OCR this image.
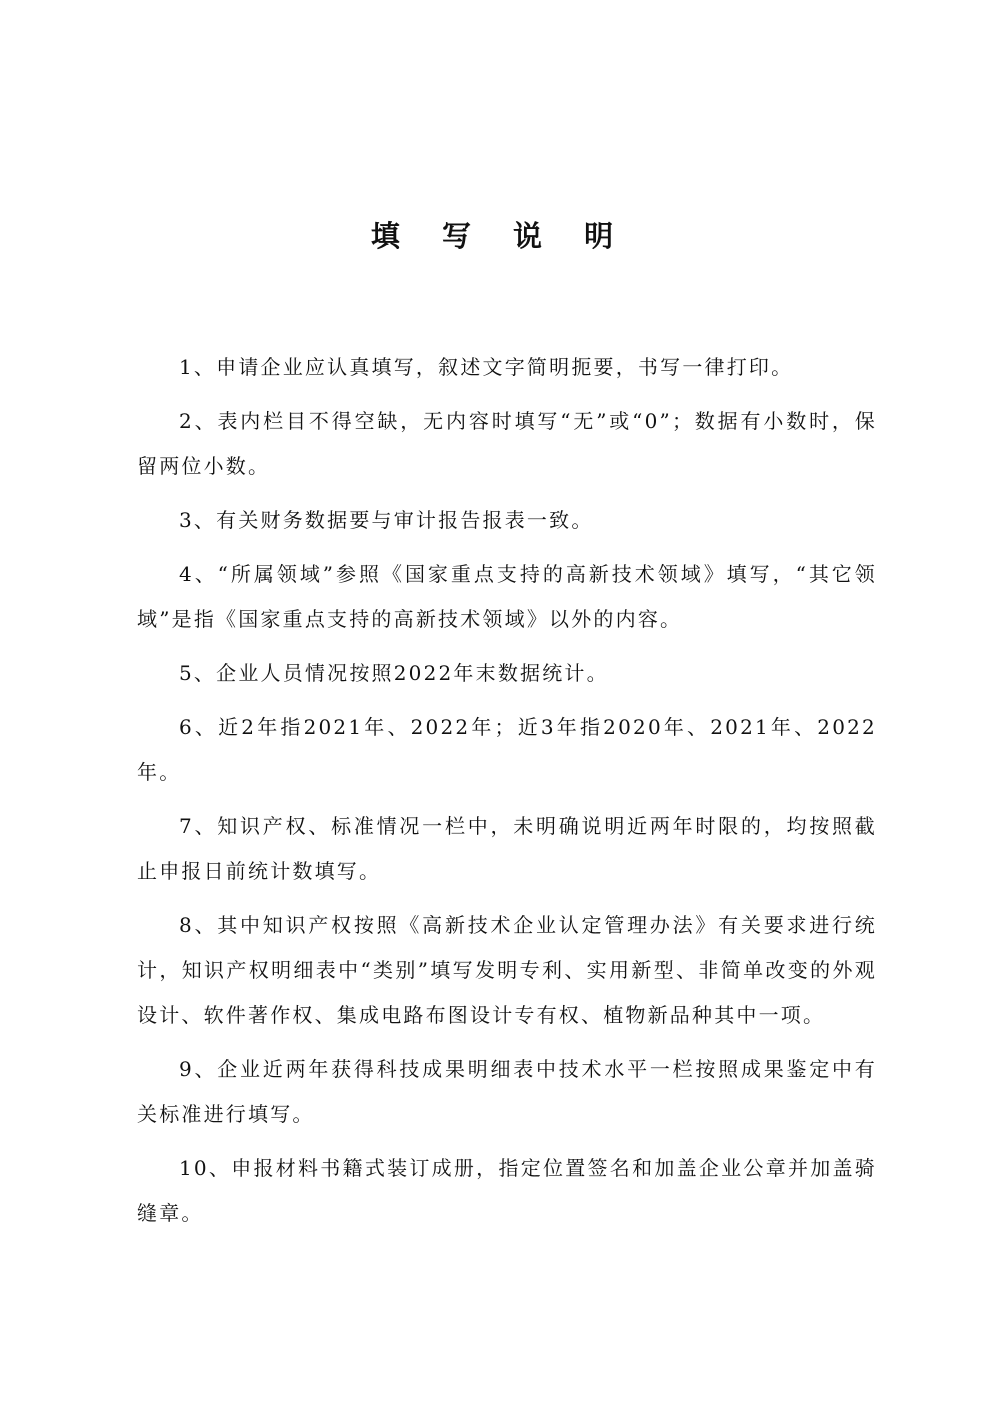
填 写 说 明

1、申请企业应认真填写，叙述文字简明扼要，书写一律打印。

2、表内栏目不得空缺，无内容时填写“无”或“0”；数据有小数时，保留两位小数。

3、有关财务数据要与审计报告报表一致。

4、“所属领域”参照《国家重点支持的高新技术领域》填写，“其它领域”是指《国家重点支持的高新技术领域》以外的内容。

5、企业人员情况按照2022年末数据统计。

6、近2年指2021年、2022年；近3年指2020年、2021年、2022年。

7、知识产权、标准情况一栏中，未明确说明近两年时限的，均按照截止申报日前统计数填写。

8、其中知识产权按照《高新技术企业认定管理办法》有关要求进行统计，知识产权明细表中“类别”填写发明专利、实用新型、非简单改变的外观设计、软件著作权、集成电路布图设计专有权、植物新品种其中一项。

9、企业近两年获得科技成果明细表中技术水平一栏按照成果鉴定中有关标准进行填写。

10、申报材料书籍式装订成册，指定位置签名和加盖企业公章并加盖骑缝章。
